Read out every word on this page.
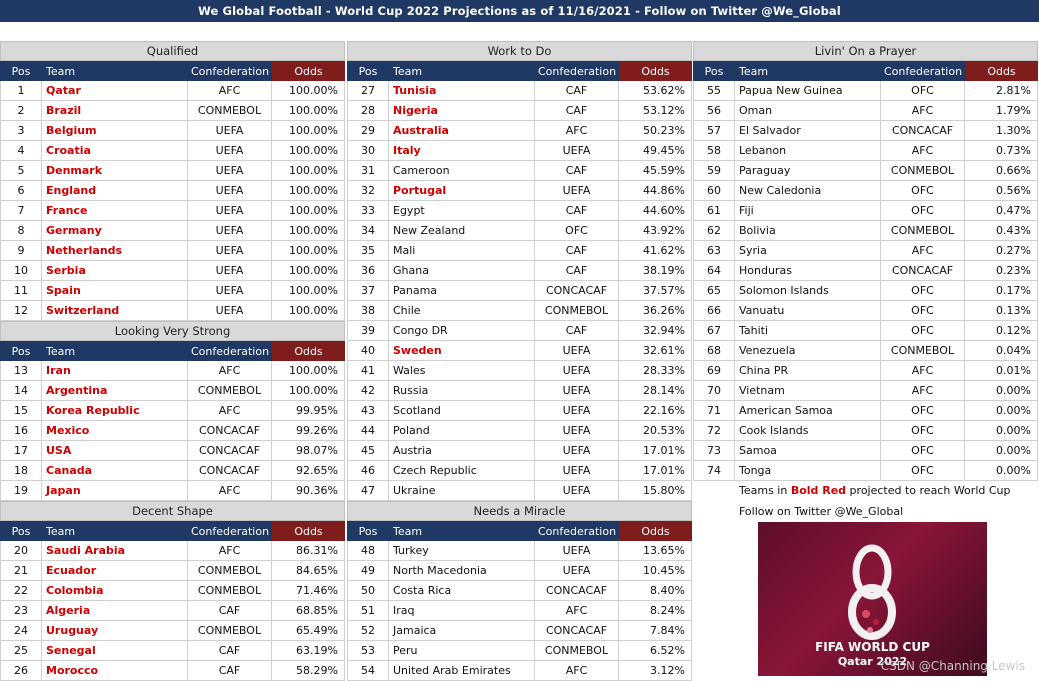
We Global Football - World Cup 2022 Projections as of 11/16/2021 - Follow on Twitter @We_Global
Qualified
Pos	Team	Confederation	Odds
1	Qatar	AFC	100.00%
2	Brazil	CONMEBOL	100.00%
3	Belgium	UEFA	100.00%
4	Croatia	UEFA	100.00%
5	Denmark	UEFA	100.00%
6	England	UEFA	100.00%
7	France	UEFA	100.00%
8	Germany	UEFA	100.00%
9	Netherlands	UEFA	100.00%
10	Serbia	UEFA	100.00%
11	Spain	UEFA	100.00%
12	Switzerland	UEFA	100.00%
Looking Very Strong
Pos	Team	Confederation	Odds
13	Iran	AFC	100.00%
14	Argentina	CONMEBOL	100.00%
15	Korea Republic	AFC	99.95%
16	Mexico	CONCACAF	99.26%
17	USA	CONCACAF	98.07%
18	Canada	CONCACAF	92.65%
19	Japan	AFC	90.36%
Decent Shape
Pos	Team	Confederation	Odds
20	Saudi Arabia	AFC	86.31%
21	Ecuador	CONMEBOL	84.65%
22	Colombia	CONMEBOL	71.46%
23	Algeria	CAF	68.85%
24	Uruguay	CONMEBOL	65.49%
25	Senegal	CAF	63.19%
26	Morocco	CAF	58.29%
Work to Do
Pos	Team	Confederation	Odds
27	Tunisia	CAF	53.62%
28	Nigeria	CAF	53.12%
29	Australia	AFC	50.23%
30	Italy	UEFA	49.45%
31	Cameroon	CAF	45.59%
32	Portugal	UEFA	44.86%
33	Egypt	CAF	44.60%
34	New Zealand	OFC	43.92%
35	Mali	CAF	41.62%
36	Ghana	CAF	38.19%
37	Panama	CONCACAF	37.57%
38	Chile	CONMEBOL	36.26%
39	Congo DR	CAF	32.94%
40	Sweden	UEFA	32.61%
41	Wales	UEFA	28.33%
42	Russia	UEFA	28.14%
43	Scotland	UEFA	22.16%
44	Poland	UEFA	20.53%
45	Austria	UEFA	17.01%
46	Czech Republic	UEFA	17.01%
47	Ukraine	UEFA	15.80%
Needs a Miracle
Pos	Team	Confederation	Odds
48	Turkey	UEFA	13.65%
49	North Macedonia	UEFA	10.45%
50	Costa Rica	CONCACAF	8.40%
51	Iraq	AFC	8.24%
52	Jamaica	CONCACAF	7.84%
53	Peru	CONMEBOL	6.52%
54	United Arab Emirates	AFC	3.12%
Livin' On a Prayer
Pos	Team	Confederation	Odds
55	Papua New Guinea	OFC	2.81%
56	Oman	AFC	1.79%
57	El Salvador	CONCACAF	1.30%
58	Lebanon	AFC	0.73%
59	Paraguay	CONMEBOL	0.66%
60	New Caledonia	OFC	0.56%
61	Fiji	OFC	0.47%
62	Bolivia	CONMEBOL	0.43%
63	Syria	AFC	0.27%
64	Honduras	CONCACAF	0.23%
65	Solomon Islands	OFC	0.17%
66	Vanuatu	OFC	0.13%
67	Tahiti	OFC	0.12%
68	Venezuela	CONMEBOL	0.04%
69	China PR	AFC	0.01%
70	Vietnam	AFC	0.00%
71	American Samoa	OFC	0.00%
72	Cook Islands	OFC	0.00%
73	Samoa	OFC	0.00%
74	Tonga	OFC	0.00%
Teams in Bold Red projected to reach World Cup
Follow on Twitter @We_Global
FIFA WORLD CUP
Qatar 2022
CSDN @Channing Lewis
